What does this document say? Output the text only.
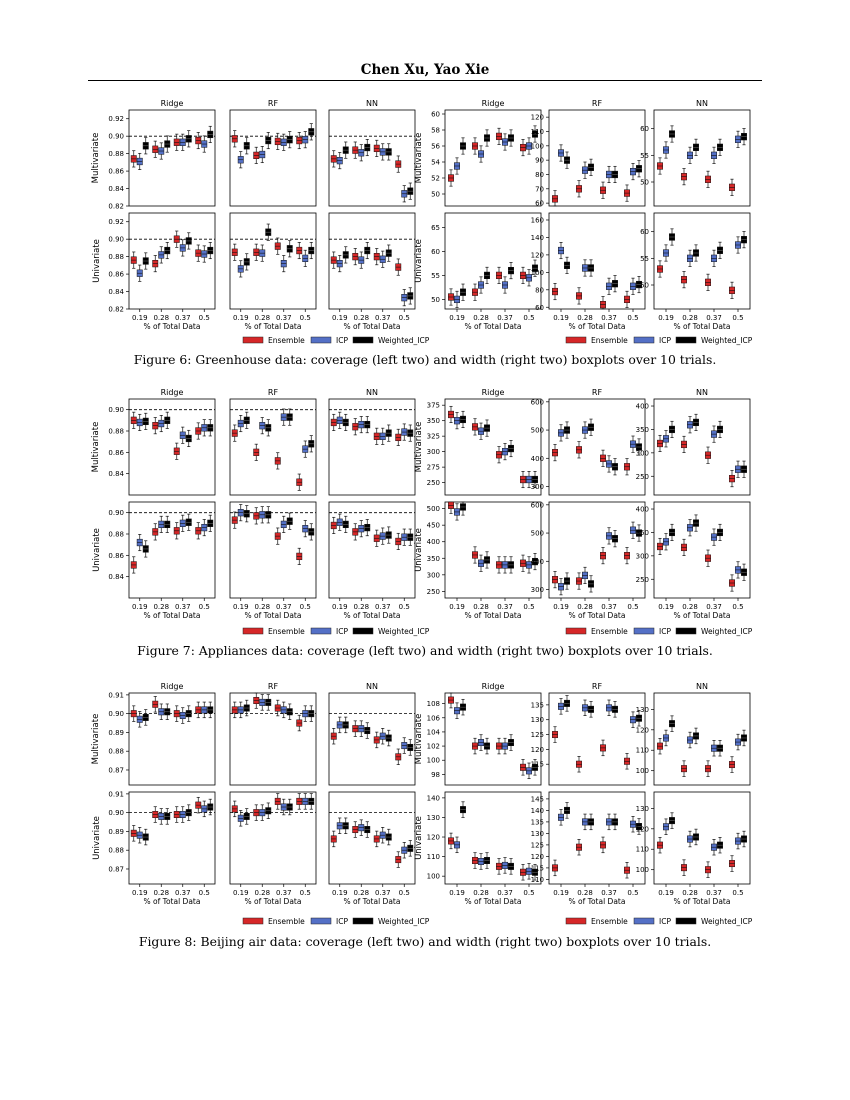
Chen Xu, Yao Xie
Ridge
0.82
0.84
0.86
0.88
0.90
0.92
RF	NN	Ridge
50
52
54
56
58
60
RF
60
70
80
90
100
110
120
NN
50
55
60
Multivariate	Multivariate
0.82
0.84
0.86
0.88
0.90
0.92
0.19 0.28 0.37 0.5
% of Total Data
0.19 0.28 0.37 0.5
% of Total Data
0.19 0.28 0.37 0.5
% of Total Data
50
55
60
65
0.19 0.28 0.37 0.5
% of Total Data
60
80
100
120
140
160
0.19 0.28 0.37 0.5
% of Total Data
50
55
60
0.19 0.28 0.37 0.5
% of Total Data
Univariate	Univariate
Ensemble	ICP	Weighted_ICP	Ensemble	ICP	Weighted_ICP
Figure 6: Greenhouse data: coverage (left two) and width (right two) boxplots over 10 trials.
Ridge
0.84
0.86
0.88
0.90
RF	NN	Ridge
250
275
300
325
350
375
RF
300
400
500
600
NN
250
300
350
400
Multivariate	Multivariate
0.84
0.86
0.88
0.90
0.19 0.28 0.37 0.5
% of Total Data
0.19 0.28 0.37 0.5
% of Total Data
0.19 0.28 0.37 0.5
% of Total Data
250
300
350
400
450
500
0.19 0.28 0.37 0.5
% of Total Data
300
400
500
600
0.19 0.28 0.37 0.5
% of Total Data
250
300
350
400
0.19 0.28 0.37 0.5
% of Total Data
Univariate	Univariate
Ensemble	ICP	Weighted_ICP	Ensemble	ICP	Weighted_ICP
Figure 7: Appliances data: coverage (left two) and width (right two) boxplots over 10 trials.
Ridge
0.87
0.88
0.89
0.90
0.91
RF	NN	Ridge
98
100
102
104
106
108
RF
115
120
125
130
135
NN
100
110
120
130
Multivariate	Multivariate
0.87
0.88
0.89
0.90
0.91
0.19 0.28 0.37 0.5
% of Total Data
0.19 0.28 0.37 0.5
% of Total Data
0.19 0.28 0.37 0.5
% of Total Data
100
110
120
130
140
0.19 0.28 0.37 0.5
% of Total Data
110
115
120
125
130
135
140
145
0.19 0.28 0.37 0.5
% of Total Data
100
110
120
130
0.19 0.28 0.37 0.5
% of Total Data
Univariate	Univariate
Ensemble	ICP	Weighted_ICP	Ensemble	ICP	Weighted_ICP
Figure 8: Beijing air data: coverage (left two) and width (right two) boxplots over 10 trials.
